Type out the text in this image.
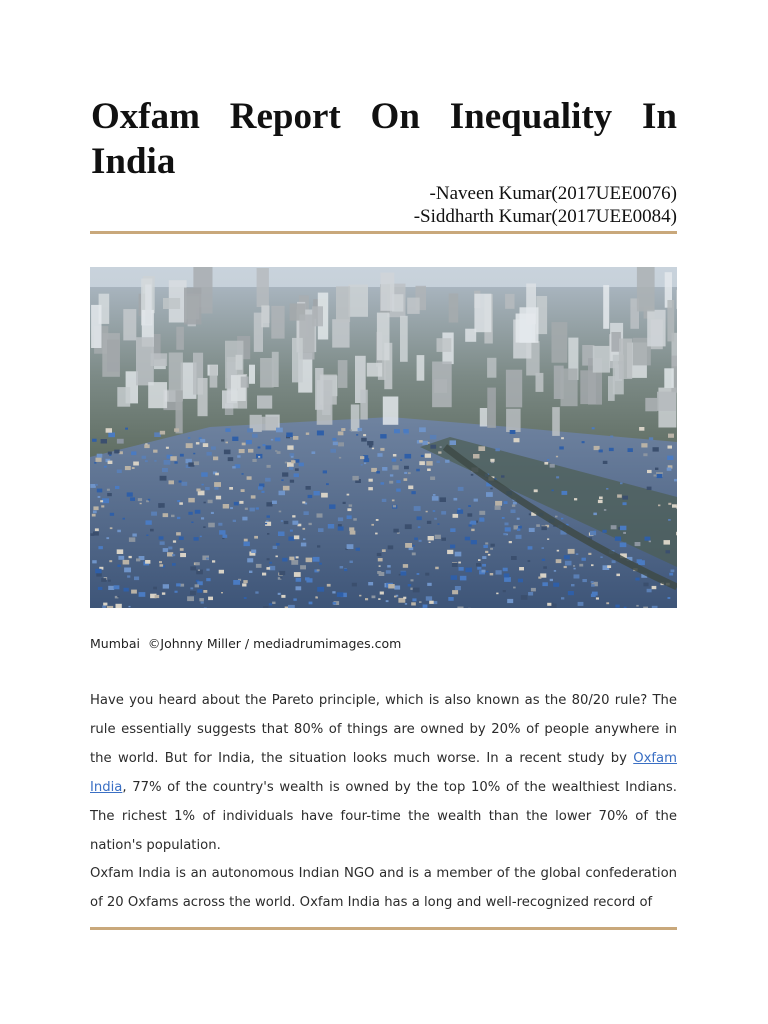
Oxfam Report On Inequality In India
-Naveen Kumar(2017UEE0076)
-Siddharth Kumar(2017UEE0084)
Mumbai  ©Johnny Miller / mediadrumimages.com

Have you heard about the Pareto principle, which is also known as the 80/20 rule? The rule essentially suggests that 80% of things are owned by 20% of people anywhere in the world. But for India, the situation looks much worse. In a recent study by Oxfam India, 77% of the country's wealth is owned by the top 10% of the wealthiest Indians. The richest 1% of individuals have four-time the wealth than the lower 70% of the nation's population.

Oxfam India is an autonomous Indian NGO and is a member of the global confederation of 20 Oxfams across the world. Oxfam India has a long and well-recognized record of
